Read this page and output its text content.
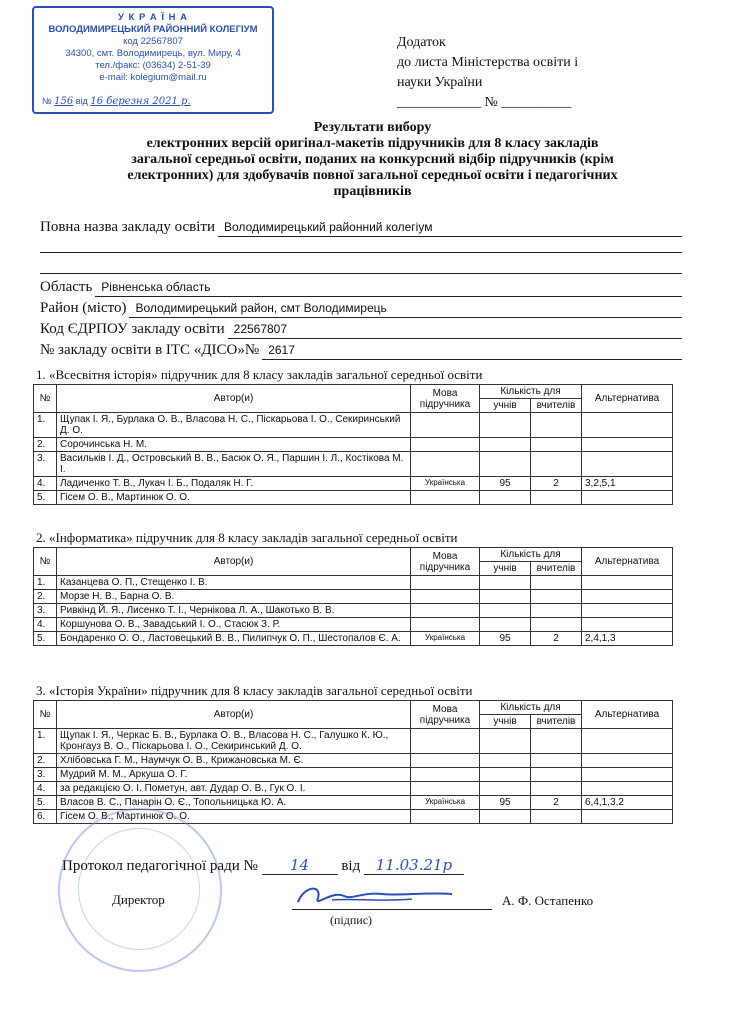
У К Р А Ї Н А
ВОЛОДИМИРЕЦЬКИЙ РАЙОННИЙ КОЛЕГІУМ
код 22567807
34300, смт. Володимирець, вул. Миру, 4
тел./факс: (03634) 2-51-39
e-mail: kolegium@mail.ru
№ 156 від 16 березня 2021 р.
Додаток
до листа Міністерства освіти і
науки України
____________ № __________
Результати вибору
електронних версій оригінал-макетів підручників для 8 класу закладів
загальної середньої освіти, поданих на конкурсний відбір підручників (крім
електронних) для здобувачів повної загальної середньої освіти і педагогічних
працівників
Повна назва закладу освіти Володимирецький районний колегіум
Область Рівненська область
Район (місто) Володимирецький район, смт Володимирець
Код ЄДРПОУ закладу освіти 22567807
№ закладу освіти в ІТС «ДІСО»№ 2617
1. «Всесвітня історія» підручник для 8 класу закладів загальної середньої освіти
№	Автор(и)	Мова підручника	Кількість для		Альтернатива
			учнів	вчителів	
1.	Щупак І. Я., Бурлака О. В., Власова Н. С., Піскарьова І. О., Секиринський Д. О.				
2.	Сорочинська Н. М.				
3.	Васильків І. Д., Островський В. В., Басюк О. Я., Паршин І. Л., Костікова М. І.				
4.	Ладиченко Т. В., Лукач І. Б., Подаляк Н. Г.	Українська	95	2	3,2,5,1
5.	Гісем О. В., Мартинюк О. О.				
2. «Інформатика» підручник для 8 класу закладів загальної середньої освіти
№	Автор(и)	Мова підручника	Кількість для		Альтернатива
			учнів	вчителів	
1.	Казанцева О. П., Стещенко І. В.				
2.	Морзе Н. В., Барна О. В.				
3.	Ривкінд Й. Я., Лисенко Т. І., Чернікова Л. А., Шакотько В. В.				
4.	Коршунова О. В., Завадський І. О., Стасюк З. Р.				
5.	Бондаренко О. О., Ластовецький В. В., Пилипчук О. П., Шестопалов Є. А.	Українська	95	2	2,4,1,3
3. «Історія України» підручник для 8 класу закладів загальної середньої освіти
№	Автор(и)	Мова підручника	Кількість для		Альтернатива
			учнів	вчителів	
1.	Щупак І. Я., Черкас Б. В., Бурлака О. В., Власова Н. С., Галушко К. Ю., Кронгауз В. О., Піскарьова І. О., Секиринський Д. О.				
2.	Хлібовська Г. М., Наумчук О. В., Крижановська М. Є.				
3.	Мудрий М. М., Аркуша О. Г.				
4.	за редакцією О. І. Пометун, авт. Дудар О. В., Гук О. І.				
5.	Власов В. С., Панарін О. Є., Топольницька Ю. А.	Українська	95	2	6,4,1,3,2
6.	Гісем О. В., Мартинюк О. О.				
Протокол педагогічної ради № 14 від 11.03.21р
Директор	А. Ф. Остапенко
(підпис)
